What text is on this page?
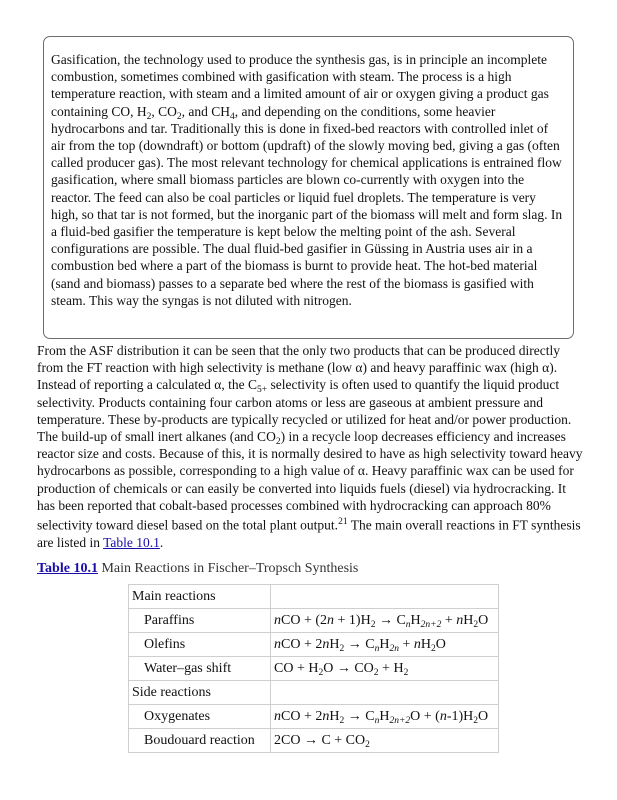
Gasification, the technology used to produce the synthesis gas, is in principle an incomplete combustion, sometimes combined with gasification with steam. The process is a high temperature reaction, with steam and a limited amount of air or oxygen giving a product gas containing CO, $H_2$, $CO_2$, and $CH_4$, and depending on the conditions, some heavier hydrocarbons and tar. Traditionally this is done in fixed-bed reactors with controlled inlet of air from the top (downdraft) or bottom (updraft) of the slowly moving bed, giving a gas (often called producer gas). The most relevant technology for chemical applications is entrained flow gasification, where small biomass particles are blown co-currently with oxygen into the reactor. The feed can also be coal particles or liquid fuel droplets. The temperature is very high, so that tar is not formed, but the inorganic part of the biomass will melt and form slag. In a fluid-bed gasifier the temperature is kept below the melting point of the ash. Several configurations are possible. The dual fluid-bed gasifier in Güssing in Austria uses air in a combustion bed where a part of the biomass is burnt to provide heat. The hot-bed material (sand and biomass) passes to a separate bed where the rest of the biomass is gasified with steam. This way the syngas is not diluted with nitrogen.

From the ASF distribution it can be seen that the only two products that can be produced directly from the FT reaction with high selectivity is methane (low α) and heavy paraffinic wax (high α). Instead of reporting a calculated α, the $C_{5+}$ selectivity is often used to quantify the liquid product selectivity. Products containing four carbon atoms or less are gaseous at ambient pressure and temperature. These by-products are typically recycled or utilized for heat and/or power production. The build-up of small inert alkanes (and $CO_2$) in a recycle loop decreases efficiency and increases reactor size and costs. Because of this, it is normally desired to have as high selectivity toward heavy hydrocarbons as possible, corresponding to a high value of α. Heavy paraffinic wax can be used for production of chemicals or can easily be converted into liquids fuels (diesel) via hydrocracking. It has been reported that cobalt-based processes combined with hydrocracking can approach 80% selectivity toward diesel based on the total plant output.$^{21}$ The main overall reactions in FT synthesis are listed in Table 10.1.

Table 10.1 Main Reactions in Fischer–Tropsch Synthesis
Main reactions	
Paraffins	nCO + $(2n + 1)H_2 \to C_nH_{2n+2} + nH_2O$
Olefins	nCO + $2nH_2 \to C_nH_{2n} + nH_2O$
Water–gas shift	CO + $H_2O \to CO_2 + H_2$
Side reactions	
Oxygenates	nCO + $2nH_2 \to C_nH_{2n+2}O + (n-1)H_2O$
Boudouard reaction	$2CO \to C + CO_2$
